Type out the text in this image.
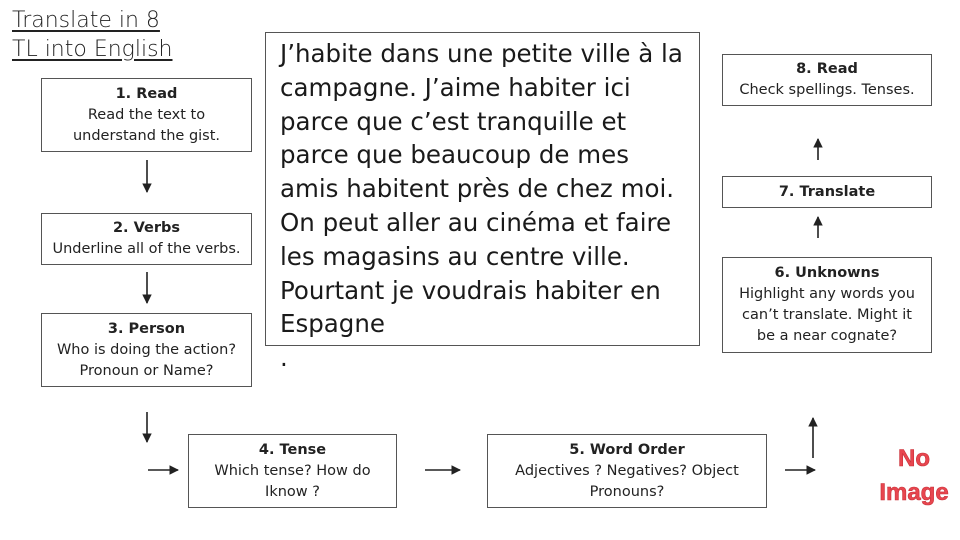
Translate in 8
TL into English
1. Read
Read the text to
understand the gist.
2. Verbs
Underline all of the verbs.
3. Person
Who is doing the action?
Pronoun or Name?
J’habite dans une petite ville à la campagne. J’aime habiter ici parce que c’est tranquille et parce que beaucoup de mes amis habitent près de chez moi. On peut aller au cinéma et faire les magasins au centre ville. Pourtant je voudrais habiter en Espagne
.
4. Tense
Which tense? How do
Iknow ?
5. Word Order
Adjectives ? Negatives? Object
Pronouns?
6. Unknowns
Highlight any words you
can’t translate. Might it
be a near cognate?
7. Translate
8. Read
Check spellings. Tenses.
No
Image
